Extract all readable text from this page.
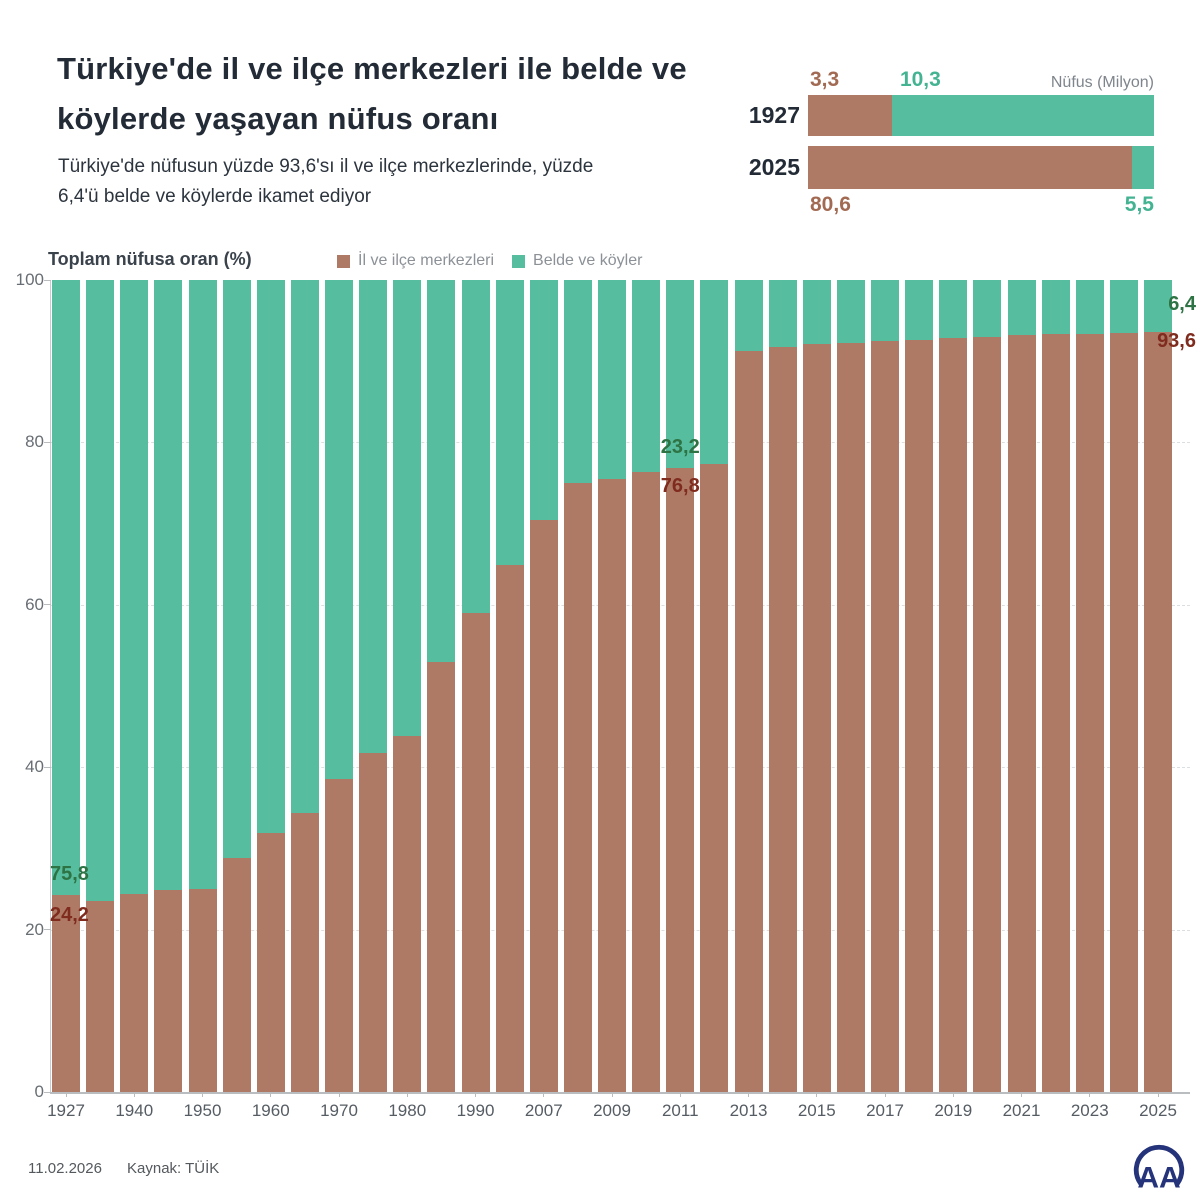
Türkiye'de il ve ilçe merkezleri ile belde ve köylerde yaşayan nüfus oranı

Türkiye'de nüfusun yüzde 93,6'sı il ve ilçe merkezlerinde, yüzde 6,4'ü belde ve köylerde ikamet ediyor

Nüfus (Milyon)
1927
3,3	10,3
2025
80,6	5,5
Toplam nüfusa oran (%)	İl ve ilçe merkezleri Belde ve köyler
0
20
40
60
80
100
1927	1940	1950	1960	1970	1980	1990	2007	2009	2011	2013	2015	2017	2019	2021	2023	2025
75,8
24,2
23,2
76,8
6,4
93,6
11.02.2026 Kaynak: TÜİK	AA
